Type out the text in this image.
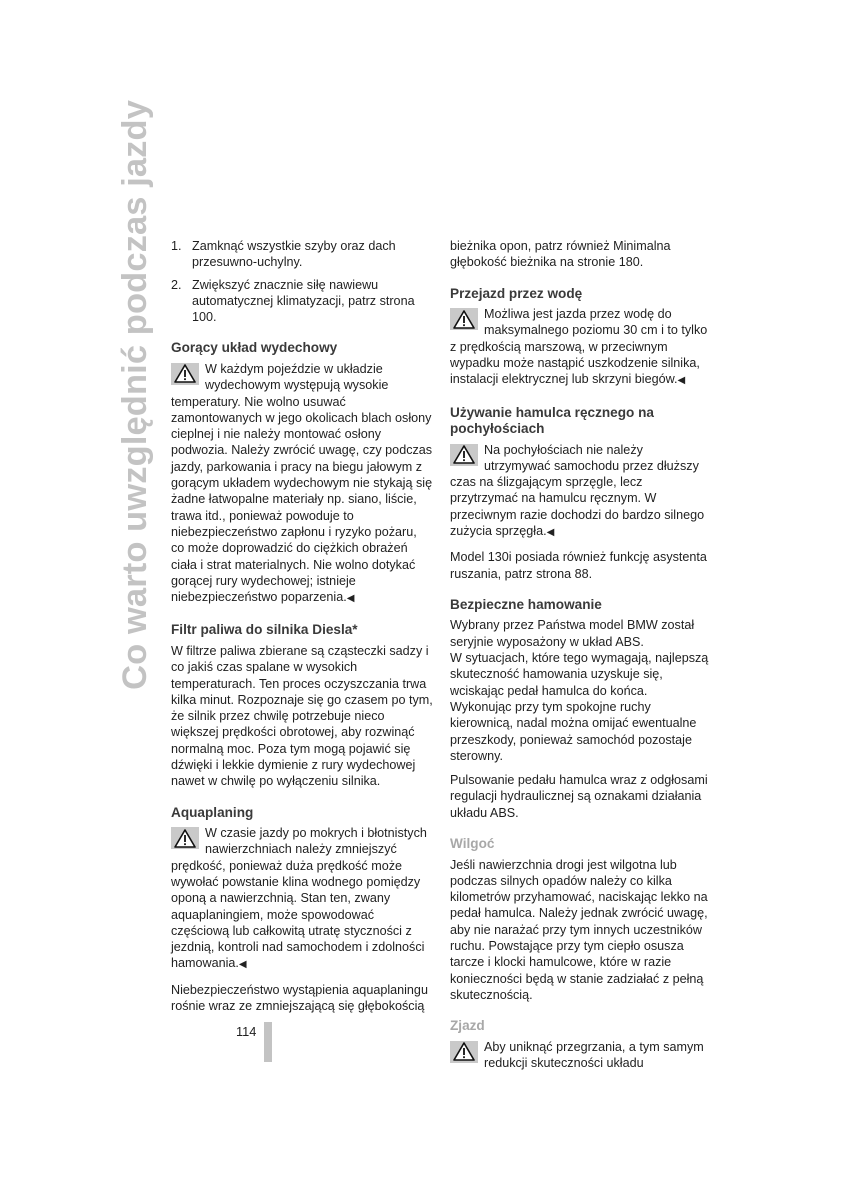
Co warto uwzględnić podczas jazdy	1. Zamknąć wszystkie szyby oraz dach przesuwno-uchylny.
2. Zwiększyć znacznie siłę nawiewu automatycznej klimatyzacji, patrz strona 100.
Gorący układ wydechowy
W każdym pojeździe w układzie wydechowym występują wysokie temperatury. Nie wolno usuwać zamontowanych w jego okolicach blach osłony cieplnej i nie należy montować osłony podwozia. Należy zwrócić uwagę, czy podczas jazdy, parkowania i pracy na biegu jałowym z gorącym układem wydechowym nie stykają się żadne łatwopalne materiały np. siano, liście, trawa itd., ponieważ powoduje to niebezpieczeństwo zapłonu i ryzyko pożaru, co może doprowadzić do ciężkich obrażeń ciała i strat materialnych. Nie wolno dotykać gorącej rury wydechowej; istnieje niebezpieczeństwo poparzenia.◀
Filtr paliwa do silnika Diesla*

W filtrze paliwa zbierane są cząsteczki sadzy i co jakiś czas spalane w wysokich temperaturach. Ten proces oczyszczania trwa kilka minut. Rozpoznaje się go czasem po tym, że silnik przez chwilę potrzebuje nieco większej prędkości obrotowej, aby rozwinąć normalną moc. Poza tym mogą pojawić się dźwięki i lekkie dymienie z rury wydechowej nawet w chwilę po wyłączeniu silnika.

Aquaplaning
W czasie jazdy po mokrych i błotnistych nawierzchniach należy zmniejszyć prędkość, ponieważ duża prędkość może wywołać powstanie klina wodnego pomiędzy oponą a nawierzchnią. Stan ten, zwany aquaplaningiem, może spowodować częściową lub całkowitą utratę styczności z jezdnią, kontroli nad samochodem i zdolności hamowania.◀

Niebezpieczeństwo wystąpienia aquaplaningu rośnie wraz ze zmniejszającą się głębokością

bieżnika opon, patrz również Minimalna głębokość bieżnika na stronie 180.

Przejazd przez wodę
Możliwa jest jazda przez wodę do maksymalnego poziomu 30 cm i to tylko z prędkością marszową, w przeciwnym wypadku może nastąpić uszkodzenie silnika, instalacji elektrycznej lub skrzyni biegów.◀
Używanie hamulca ręcznego na pochyłościach
Na pochyłościach nie należy utrzymywać samochodu przez dłuższy czas na ślizgającym sprzęgle, lecz przytrzymać na hamulcu ręcznym. W przeciwnym razie dochodzi do bardzo silnego zużycia sprzęgła.◀

Model 130i posiada również funkcję asystenta ruszania, patrz strona 88.

Bezpieczne hamowanie

Wybrany przez Państwa model BMW został seryjnie wyposażony w układ ABS.

W sytuacjach, które tego wymagają, najlepszą skuteczność hamowania uzyskuje się, wciskając pedał hamulca do końca. Wykonując przy tym spokojne ruchy kierownicą, nadal można omijać ewentualne przeszkody, ponieważ samochód pozostaje sterowny.

Pulsowanie pedału hamulca wraz z odgłosami regulacji hydraulicznej są oznakami działania układu ABS.

Wilgoć

Jeśli nawierzchnia drogi jest wilgotna lub podczas silnych opadów należy co kilka kilometrów przyhamować, naciskając lekko na pedał hamulca. Należy jednak zwrócić uwagę, aby nie narażać przy tym innych uczestników ruchu. Powstające przy tym ciepło osusza tarcze i klocki hamulcowe, które w razie konieczności będą w stanie zadziałać z pełną skutecznością.

Zjazd
Aby uniknąć przegrzania, a tym samym redukcji skuteczności układu
114
